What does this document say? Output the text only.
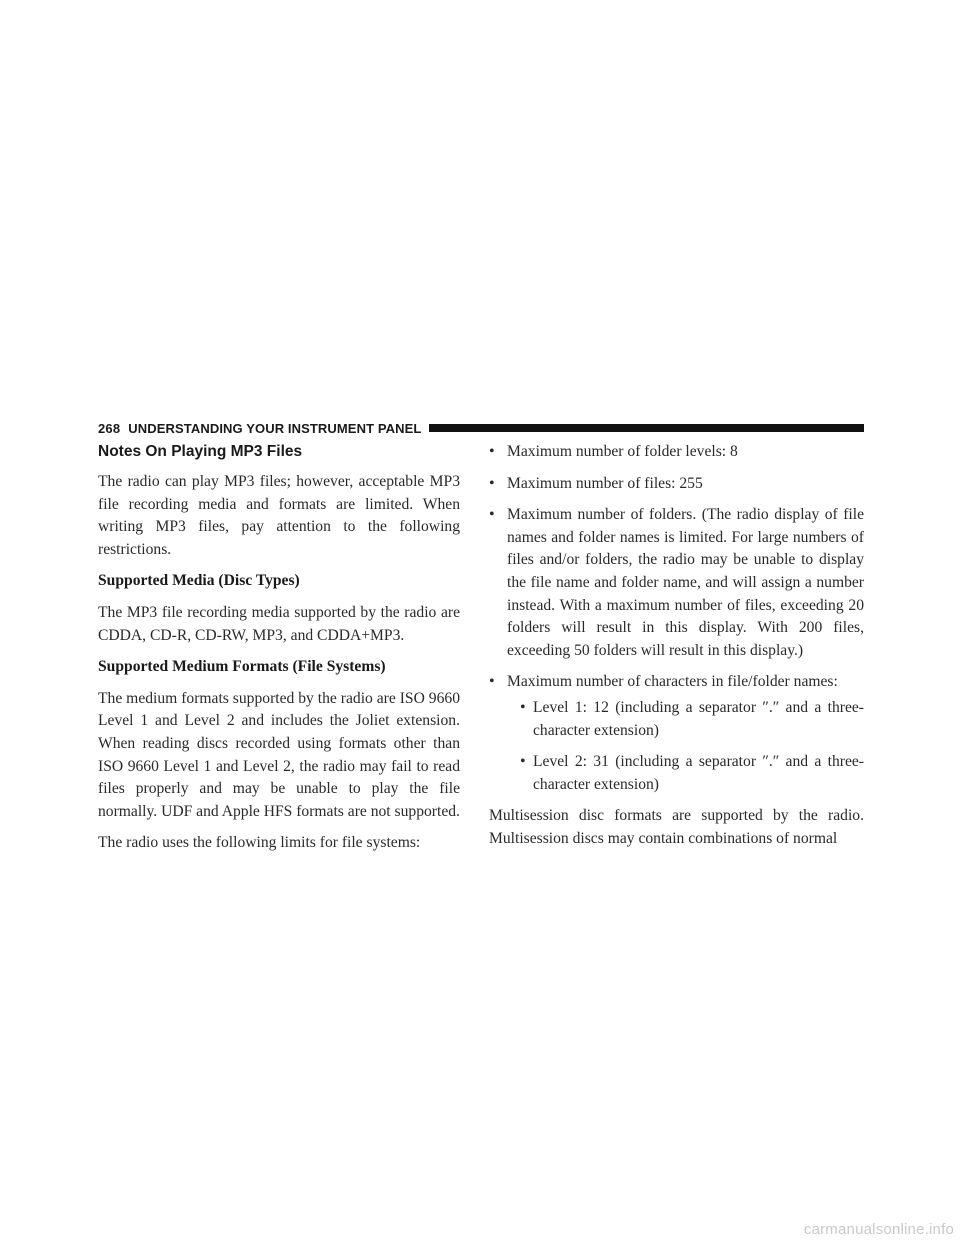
268 UNDERSTANDING YOUR INSTRUMENT PANEL
Notes On Playing MP3 Files

The radio can play MP3 files; however, acceptable MP3 file recording media and formats are limited. When writing MP3 files, pay attention to the following restrictions.

Supported Media (Disc Types)

The MP3 file recording media supported by the radio are CDDA, CD-R, CD-RW, MP3, and CDDA+MP3.

Supported Medium Formats (File Systems)

The medium formats supported by the radio are ISO 9660 Level 1 and Level 2 and includes the Joliet extension. When reading discs recorded using formats other than ISO 9660 Level 1 and Level 2, the radio may fail to read files properly and may be unable to play the file normally. UDF and Apple HFS formats are not supported.

The radio uses the following limits for file systems:

• Maximum number of folder levels: 8
• Maximum number of files: 255
• Maximum number of folders. (The radio display of file names and folder names is limited. For large numbers of files and/or folders, the radio may be unable to display the file name and folder name, and will assign a number instead. With a maximum number of files, exceeding 20 folders will result in this display. With 200 files, exceeding 50 folders will result in this display.)
• Maximum number of characters in file/folder names:
• Level 1: 12 (including a separator ″.″ and a three-character extension)
• Level 2: 31 (including a separator ″.″ and a three-character extension)

Multisession disc formats are supported by the radio. Multisession discs may contain combinations of normal

carmanualsonline.info
